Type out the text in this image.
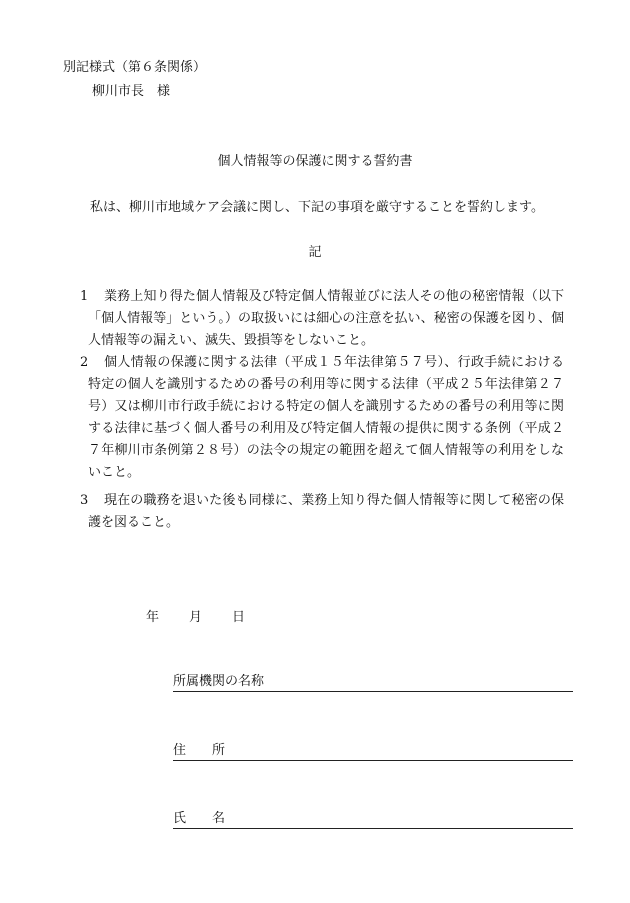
別記様式（第６条関係）
柳川市長　様
個人情報等の保護に関する誓約書
私は、柳川市地域ケア会議に関し、下記の事項を厳守することを誓約します。
記
1	業務上知り得た個人情報及び特定個人情報並びに法人その他の秘密情報（以下「個人情報等」という。）の取扱いには細心の注意を払い、秘密の保護を図り、個人情報等の漏えい、滅失、毀損等をしないこと。
2	個人情報の保護に関する法律（平成１５年法律第５７号）、行政手続における特定の個人を識別するための番号の利用等に関する法律（平成２５年法律第２７号）又は柳川市行政手続における特定の個人を識別するための番号の利用等に関する法律に基づく個人番号の利用及び特定個人情報の提供に関する条例（平成２７年柳川市条例第２８号）の法令の規定の範囲を超えて個人情報等の利用をしないこと。
3	現在の職務を退いた後も同様に、業務上知り得た個人情報等に関して秘密の保護を図ること。
年 月 日
所属機関の名称
住　　所
氏　　名
